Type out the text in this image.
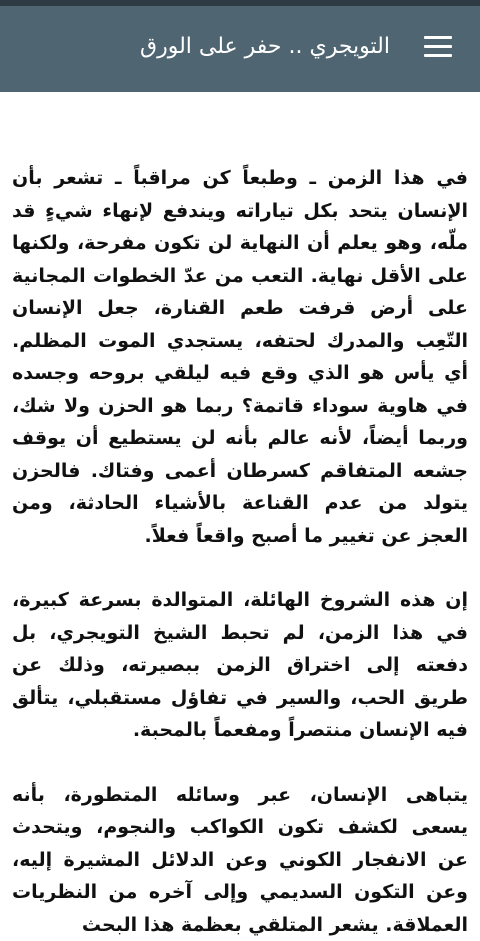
التويجري .. حفر على الورق

في هذا الزمن ـ وطبعاً كن مراقباً ـ تشعر بأن الإنسان يتحد بكل تياراته ويندفع لإنهاء شيءٍ قد ملّه، وهو يعلم أن النهاية لن تكون مفرحة، ولكنها على الأقل نهاية. التعب من عدّ الخطوات المجانية على أرض قرفت طعم القنارة، جعل الإنسان التّعِب والمدرك لحتفه، يستجدي الموت المظلم. أي يأس هو الذي وقع فيه ليلقي بروحه وجسده في هاوية سوداء قاتمة؟ ربما هو الحزن ولا شك، وربما أيضاً، لأنه عالم بأنه لن يستطيع أن يوقف جشعه المتفاقم كسرطان أعمى وفتاك. فالحزن يتولد من عدم القناعة بالأشياء الحادثة، ومن العجز عن تغيير ما أصبح واقعاً فعلاً.

إن هذه الشروخ الهائلة، المتوالدة بسرعة كبيرة، في هذا الزمن، لم تحبط الشيخ التويجري، بل دفعته إلى اختراق الزمن ببصيرته، وذلك عن طريق الحب، والسير في تفاؤل مستقبلي، يتألق فيه الإنسان منتصراً ومفعماً بالمحبة.

يتباهى الإنسان، عبر وسائله المتطورة، بأنه يسعى لكشف تكون الكواكب والنجوم، ويتحدث عن الانفجار الكوني وعن الدلائل المشيرة إليه، وعن التكون السديمي وإلى آخره من النظريات العملاقة. يشعر المتلقي بعظمة هذا البحث
